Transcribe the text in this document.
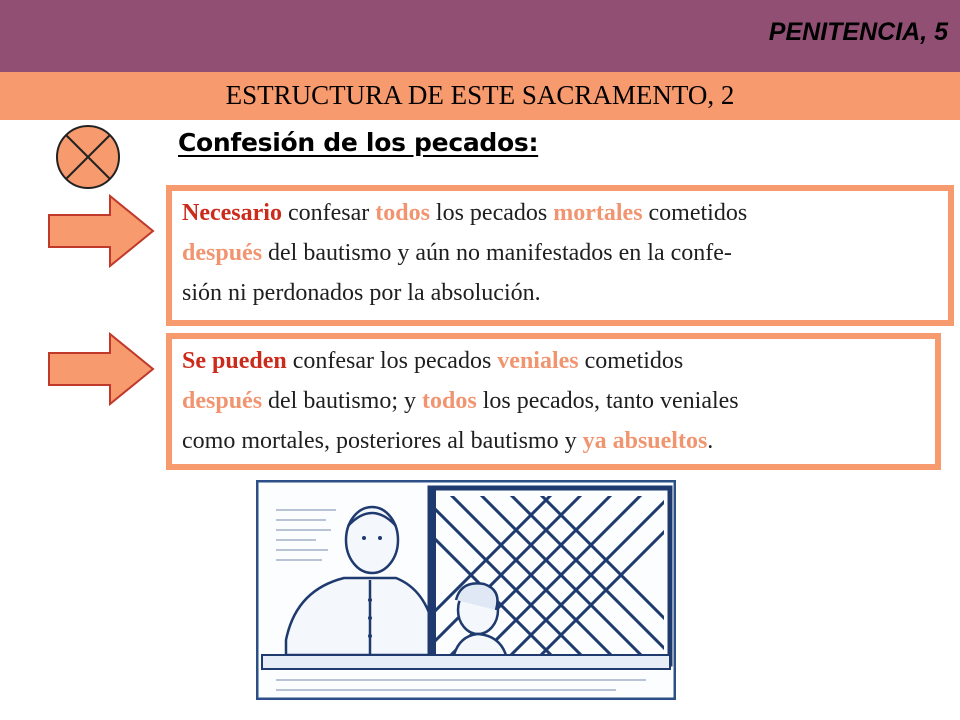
PENITENCIA, 5
ESTRUCTURA DE ESTE SACRAMENTO, 2
Confesión de los pecados:
Necesario confesar todos los pecados mortales cometidos
después del bautismo y aún no manifestados en la confe-
sión ni perdonados por la absolución.
Se pueden confesar los pecados veniales cometidos
después del bautismo; y todos los pecados, tanto veniales
como mortales, posteriores al bautismo y ya absueltos.
